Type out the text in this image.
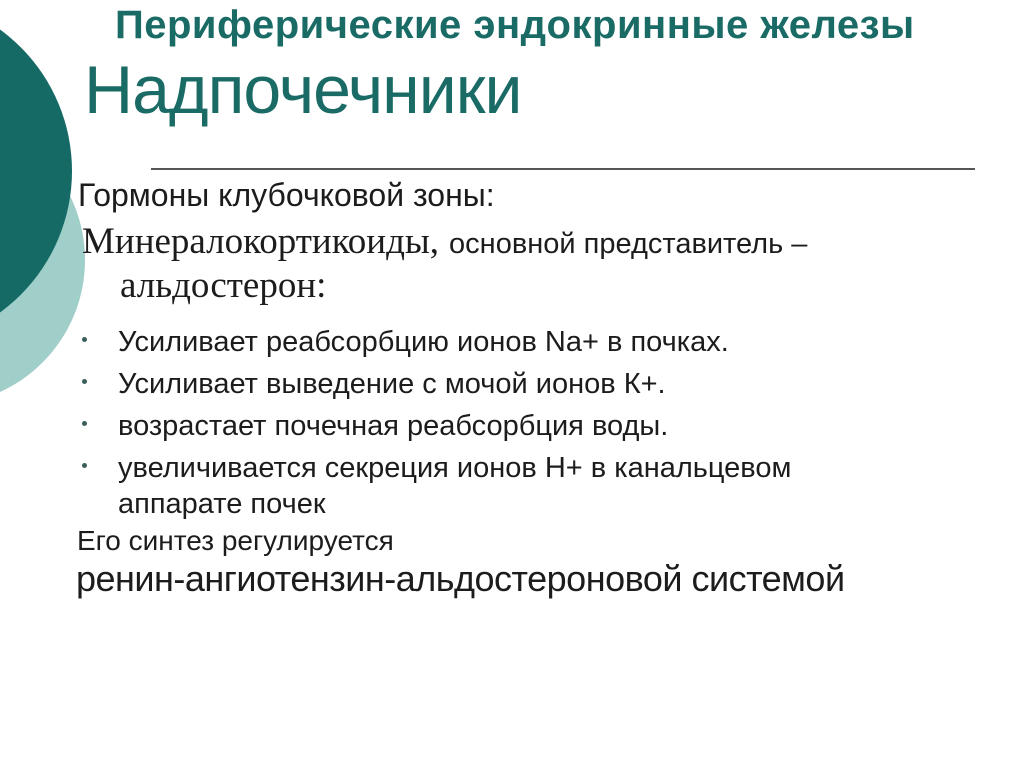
Периферические эндокринные железы
Надпочечники
Гормоны клубочковой зоны:
Минералокортикоиды, основной представитель –
альдостерон:
Усиливает реабсорбцию ионов Na+ в почках.
Усиливает выведение с мочой ионов К+.
возрастает почечная реабсорбция воды.
увеличивается секреция ионов Н+ в канальцевом
аппарате почек
Его синтез регулируется
ренин-ангиотензин-альдостероновой системой
